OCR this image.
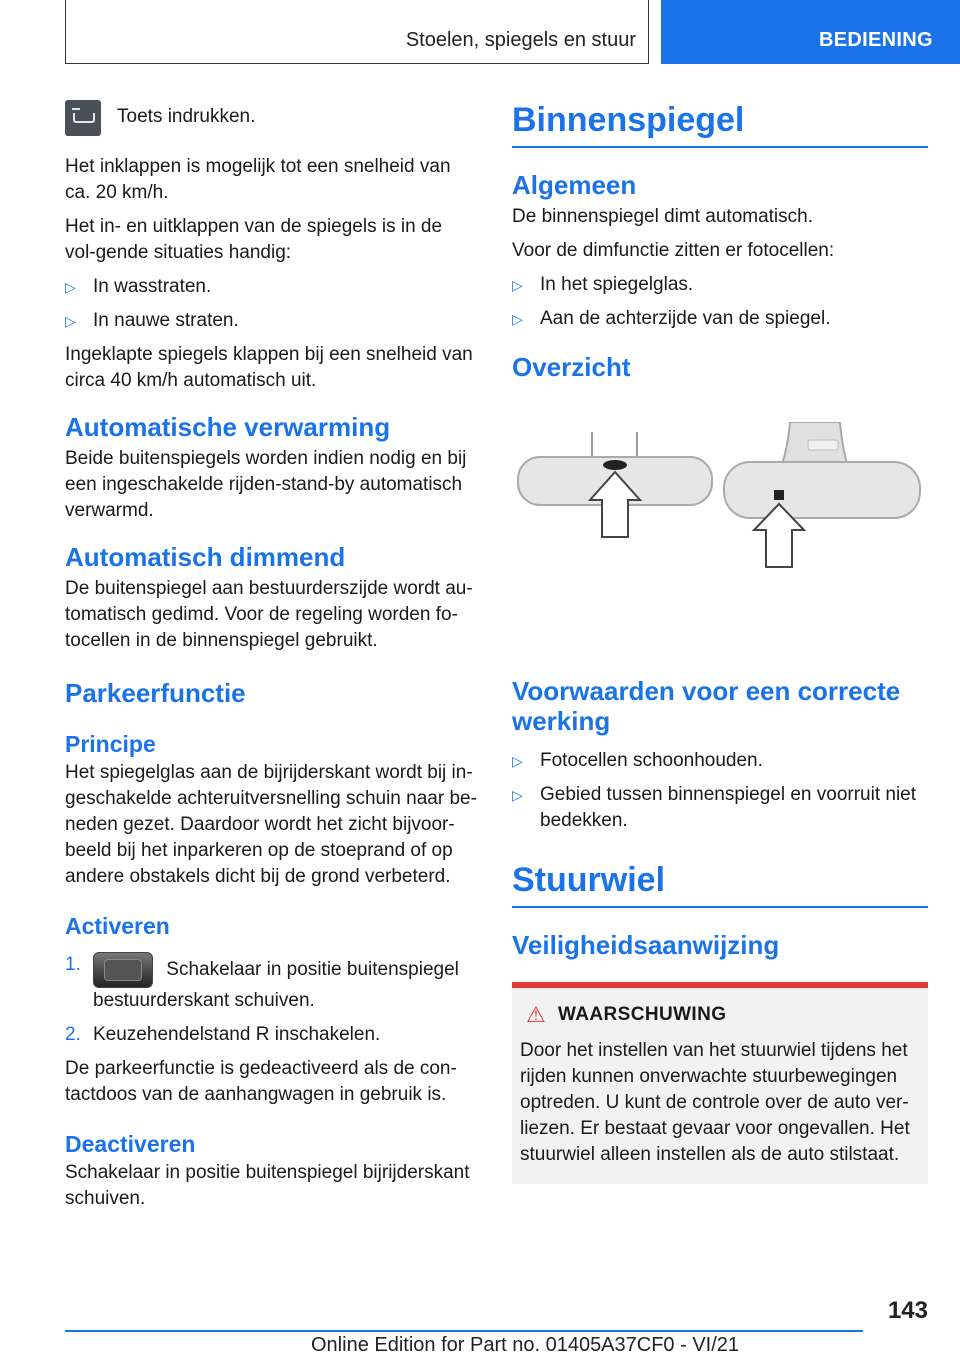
Stoelen, spiegels en stuur	BEDIENING

Toets indrukken.

Het inklappen is mogelijk tot een snelheid van ca. 20 km/h.

Het in- en uitklappen van de spiegels is in de vol-gende situaties handig:

▷ In wasstraten.
▷ In nauwe straten.

Ingeklapte spiegels klappen bij een snelheid van circa 40 km/h automatisch uit.

Automatische verwarming

Beide buitenspiegels worden indien nodig en bij een ingeschakelde rijden-stand-by automatisch verwarmd.

Automatisch dimmend

De buitenspiegel aan bestuurderszijde wordt au-tomatisch gedimd. Voor de regeling worden fo-tocellen in de binnenspiegel gebruikt.

Parkeerfunctie
Principe

Het spiegelglas aan de bijrijderskant wordt bij in-geschakelde achteruitversnelling schuin naar be-neden gezet. Daardoor wordt het zicht bijvoor-beeld bij het inparkeren op de stoeprand of op andere obstakels dicht bij de grond verbeterd.

Activeren
1.	Schakelaar in positie buitenspiegel bestuurderskant schuiven.
2. Keuzehendelstand R inschakelen.

De parkeerfunctie is gedeactiveerd als de con-tactdoos van de aanhangwagen in gebruik is.

Deactiveren

Schakelaar in positie buitenspiegel bijrijderskant schuiven.

Binnenspiegel
Algemeen

De binnenspiegel dimt automatisch.

Voor de dimfunctie zitten er fotocellen:

▷ In het spiegelglas.
▷ Aan de achterzijde van de spiegel.
Overzicht
Voorwaarden voor een correcte werking
▷ Fotocellen schoonhouden.
▷ Gebied tussen binnenspiegel en voorruit niet bedekken.
Stuurwiel
Veiligheidsaanwijzing
⚠ WAARSCHUWING

Door het instellen van het stuurwiel tijdens het rijden kunnen onverwachte stuurbewegingen optreden. U kunt de controle over de auto ver-liezen. Er bestaat gevaar voor ongevallen. Het stuurwiel alleen instellen als de auto stilstaat.

143
Online Edition for Part no. 01405A37CF0 - VI/21
